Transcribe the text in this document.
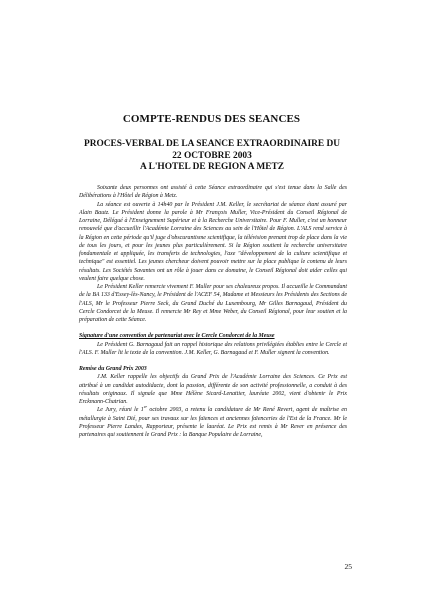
COMPTE-RENDUS DES SEANCES
PROCES-VERBAL DE LA SEANCE EXTRAORDINAIRE DU
22 OCTOBRE 2003
A L'HOTEL DE REGION A METZ

Soixante deux personnes ont assisté à cette Séance extraordinaire qui s'est tenue dans la Salle des Délibérations à l'Hôtel de Région à Metz.

La séance est ouverte à 14h40 par le Président J.M. Keller, le secrétariat de séance étant assuré par Alain Bautz. Le Président donne la parole à Mr François Muller, Vice-Président du Conseil Régional de Lorraine, Délégué à l'Enseignement Supérieur et à la Recherche Universitaire. Pour F. Muller, c'est un honneur renouvelé que d'accueillir l'Académie Lorraine des Sciences au sein de l'Hôtel de Région. L'ALS rend service à la Région en cette période qu'il juge d'obscurantisme scientifique, la télévision prenant trop de place dans la vie de tous les jours, et pour les jeunes plus particulièrement. Si la Région soutient la recherche universitaire fondamentale et appliquée, les transferts de technologies, l'axe "développement de la culture scientifique et technique" est essentiel. Les jeunes chercheur doivent pouvoir mettre sur la place publique le contenu de leurs résultats. Les Sociétés Savantes ont un rôle à jouer dans ce domaine, le Conseil Régional doit aider celles qui veulent faire quelque chose.

Le Président Keller remercie vivement F. Muller pour ses chaleureux propos. Il accueille le Commandant de la BA 133 d'Essey-lès-Nancy, le Président de l'ACEF 54, Madame et Messieurs les Présidents des Sections de l'ALS, Mr le Professeur Pierre Seck, du Grand Duché du Luxembourg, Mr Gilles Barnagaud, Président du Cercle Condorcet de la Meuse. Il remercie Mr Rey et Mme Weber, du Conseil Régional, pour leur soutien et la préparation de cette Séance.

Signature d'une convention de partenariat avec le Cercle Condorcet de la Meuse

Le Président G. Barnagaud fait un rappel historique des relations privilégiées établies entre le Cercle et l'ALS. F. Muller lit le texte de la convention. J.M. Keller, G. Barnagaud et F. Muller signent la convention.

Remise du Grand Prix 2003

J.M. Keller rappelle les objectifs du Grand Prix de l'Académie Lorraine des Sciences. Ce Prix est attribué à un candidat autodidacte, dont la passion, différente de son activité professionnelle, a conduit à des résultats originaux. Il signale que Mme Hélène Sicard-Lenattier, lauréate 2002, vient d'obtenir le Prix Erckmann-Chatrian.

Le Jury, réuni le 1er octobre 2003, a retenu la candidature de Mr René Revert, agent de maîtrise en métallurgie à Saint Dié, pour ses travaux sur les faïences et anciennes faïenceries de l'Est de la France. Mr le Professeur Pierre Landes, Rapporteur, présente le lauréat. Le Prix est remis à Mr Rever en présence des partenaires qui soutiennent le Grand Prix : la Banque Populaire de Lorraine,

25
